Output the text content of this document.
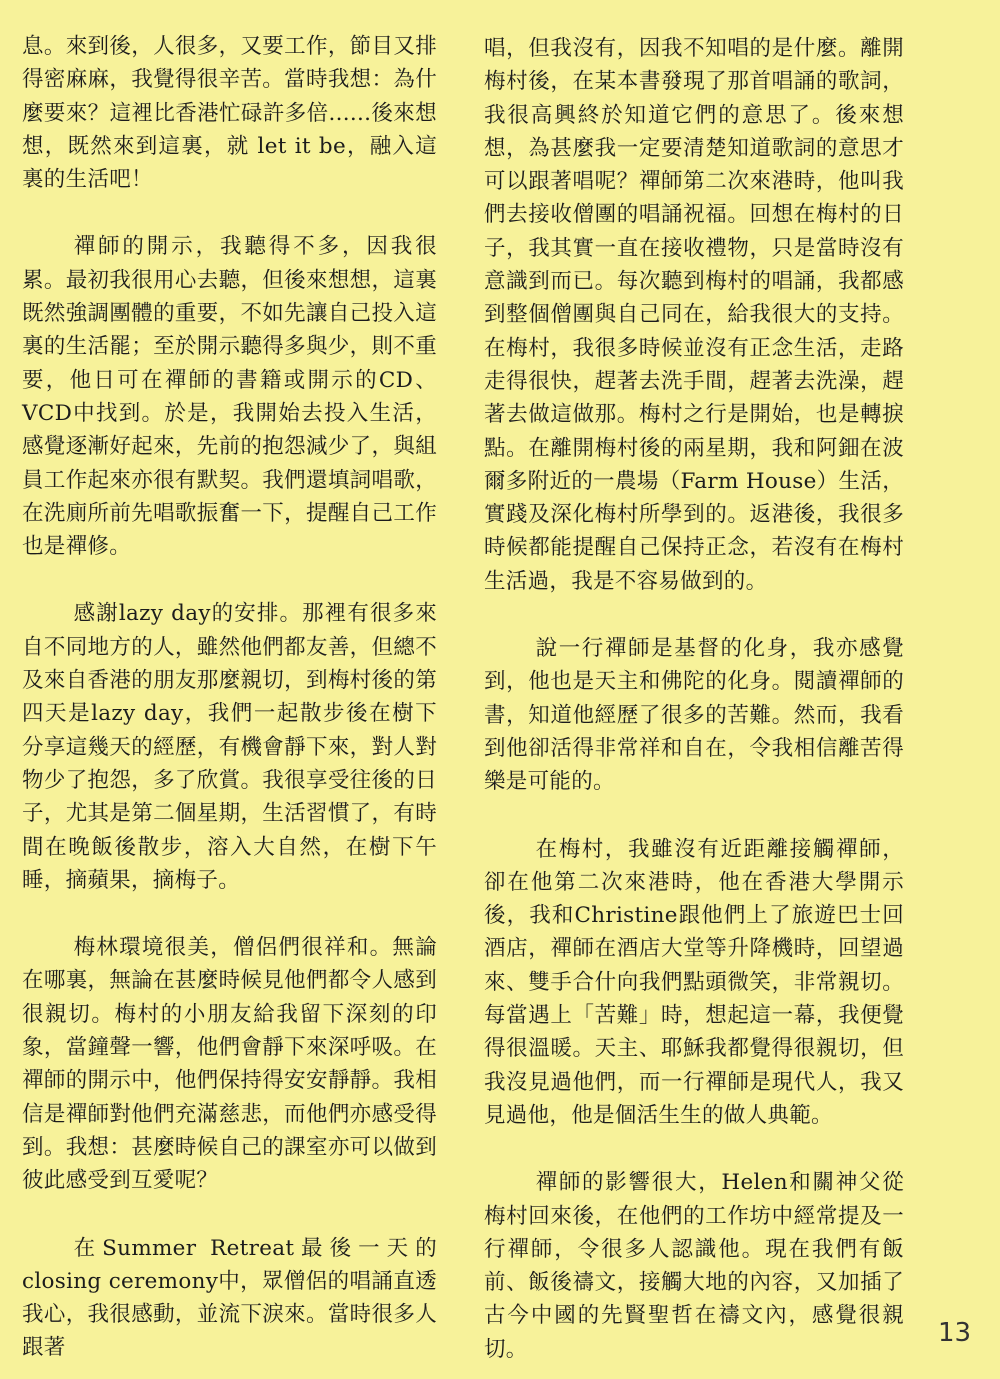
息。來到後，人很多，又要工作，節目又排得密麻麻，我覺得很辛苦。當時我想：為什麼要來？這裡比香港忙碌許多倍......後來想想，既然來到這裏，就 let it be，融入這裏的生活吧！

禪師的開示，我聽得不多，因我很累。最初我很用心去聽，但後來想想，這裏既然強調團體的重要，不如先讓自己投入這裏的生活罷；至於開示聽得多與少，則不重要，他日可在禪師的書籍或開示的CD、VCD中找到。於是，我開始去投入生活，感覺逐漸好起來，先前的抱怨減少了，與組員工作起來亦很有默契。我們還填詞唱歌，在洗廁所前先唱歌振奮一下，提醒自己工作也是禪修。

感謝lazy day的安排。那裡有很多來自不同地方的人，雖然他們都友善，但總不及來自香港的朋友那麼親切，到梅村後的第四天是lazy day，我們一起散步後在樹下分享這幾天的經歷，有機會靜下來，對人對物少了抱怨，多了欣賞。我很享受往後的日子，尤其是第二個星期，生活習慣了，有時間在晚飯後散步，溶入大自然，在樹下午睡，摘蘋果，摘梅子。

梅林環境很美，僧侶們很祥和。無論在哪裏，無論在甚麼時候見他們都令人感到很親切。梅村的小朋友給我留下深刻的印象，當鐘聲一響，他們會靜下來深呼吸。在禪師的開示中，他們保持得安安靜靜。我相信是禪師對他們充滿慈悲，而他們亦感受得到。我想：甚麼時候自己的課室亦可以做到彼此感受到互愛呢？

在Summer Retreat最後一天的closing ceremony中，眾僧侶的唱誦直透我心，我很感動，並流下淚來。當時很多人跟著

唱，但我沒有，因我不知唱的是什麼。離開梅村後，在某本書發現了那首唱誦的歌詞，我很高興終於知道它們的意思了。後來想想，為甚麼我一定要清楚知道歌詞的意思才可以跟著唱呢？禪師第二次來港時，他叫我們去接收僧團的唱誦祝福。回想在梅村的日子，我其實一直在接收禮物，只是當時沒有意識到而已。每次聽到梅村的唱誦，我都感到整個僧團與自己同在，給我很大的支持。在梅村，我很多時候並沒有正念生活，走路走得很快，趕著去洗手間，趕著去洗澡，趕著去做這做那。梅村之行是開始，也是轉捩點。在離開梅村後的兩星期，我和阿鈿在波爾多附近的一農場（Farm House）生活，實踐及深化梅村所學到的。返港後，我很多時候都能提醒自己保持正念，若沒有在梅村生活過，我是不容易做到的。

說一行禪師是基督的化身，我亦感覺到，他也是天主和佛陀的化身。閱讀禪師的書，知道他經歷了很多的苦難。然而，我看到他卻活得非常祥和自在，令我相信離苦得樂是可能的。

在梅村，我雖沒有近距離接觸禪師，卻在他第二次來港時，他在香港大學開示後，我和Christine跟他們上了旅遊巴士回酒店，禪師在酒店大堂等升降機時，回望過來、雙手合什向我們點頭微笑，非常親切。每當遇上「苦難」時，想起這一幕，我便覺得很溫暖。天主、耶穌我都覺得很親切，但我沒見過他們，而一行禪師是現代人，我又見過他，他是個活生生的做人典範。

禪師的影響很大，Helen和關神父從梅村回來後，在他們的工作坊中經常提及一行禪師，令很多人認識他。現在我們有飯前、飯後禱文，接觸大地的內容，又加插了古今中國的先賢聖哲在禱文內，感覺很親切。

13
